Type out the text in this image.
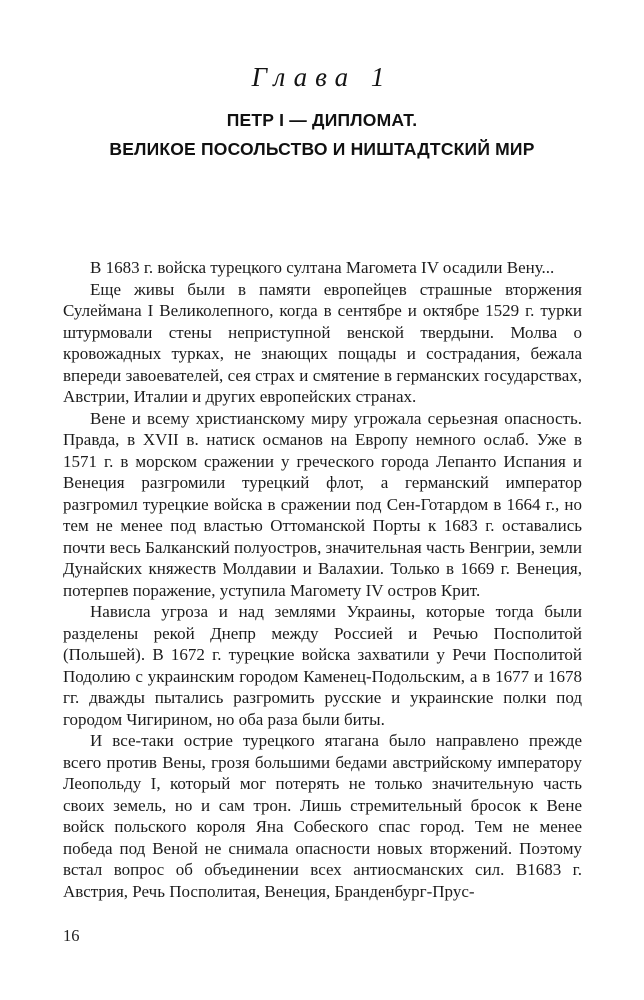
Глава 1
ПЕТР I — ДИПЛОМАТ.
ВЕЛИКОЕ ПОСОЛЬСТВО И НИШТАДТСКИЙ МИР

В 1683 г. войска турецкого султана Магомета IV осадили Вену...

Еще живы были в памяти европейцев страшные вторжения Сулеймана I Великолепного, когда в сентябре и октябре 1529 г. турки штурмовали стены неприступной венской твердыни. Молва о кровожадных турках, не знающих пощады и сострадания, бежала впереди завоевателей, сея страх и смятение в германских государствах, Австрии, Италии и других европейских странах.

Вене и всему христианскому миру угрожала серьезная опасность. Правда, в XVII в. натиск османов на Европу немного ослаб. Уже в 1571 г. в морском сражении у греческого города Лепанто Испания и Венеция разгромили турецкий флот, а германский император разгромил турецкие войска в сражении под Сен-Готардом в 1664 г., но тем не менее под властью Оттоманской Порты к 1683 г. оставались почти весь Балканский полуостров, значительная часть Венгрии, земли Дунайских княжеств Молдавии и Валахии. Только в 1669 г. Венеция, потерпев поражение, уступила Магомету IV остров Крит.

Нависла угроза и над землями Украины, которые тогда были разделены рекой Днепр между Россией и Речью Посполитой (Польшей). В 1672 г. турецкие войска захватили у Речи Посполитой Подолию с украинским городом Каменец-Подольским, а в 1677 и 1678 гг. дважды пытались разгромить русские и украинские полки под городом Чигирином, но оба раза были биты.

И все-таки острие турецкого ятагана было направлено прежде всего против Вены, грозя большими бедами австрийскому императору Леопольду I, который мог потерять не только значительную часть своих земель, но и сам трон. Лишь стремительный бросок к Вене войск польского короля Яна Собеского спас город. Тем не менее победа под Веной не снимала опасности новых вторжений. Поэтому встал вопрос об объединении всех антиосманских сил. В1683 г. Австрия, Речь Посполитая, Венеция, Бранденбург-Прус-

16
